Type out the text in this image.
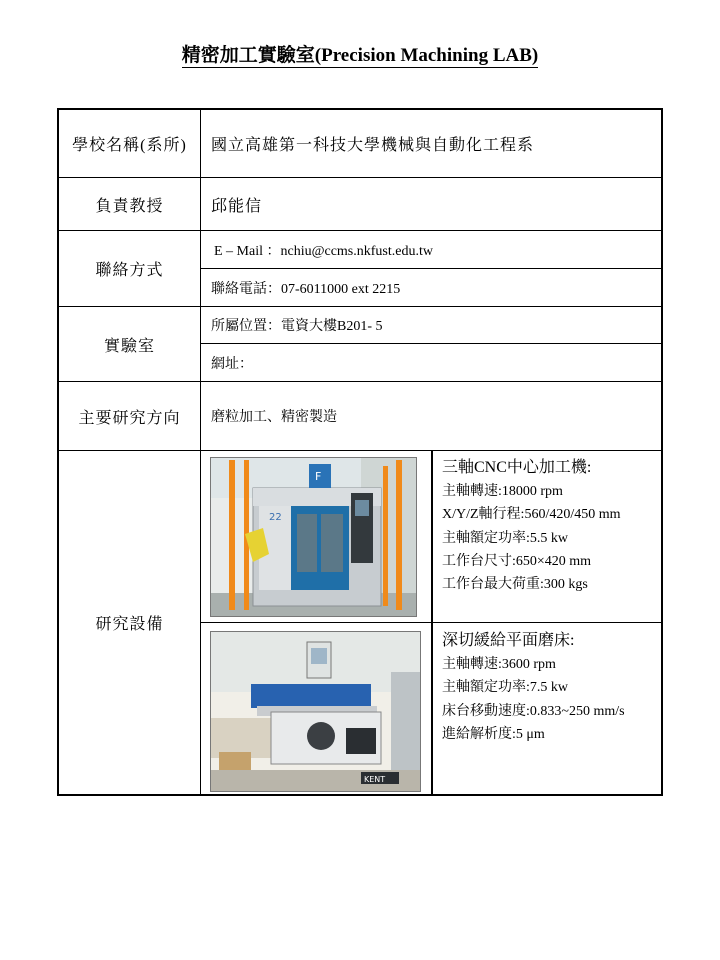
精密加工實驗室(Precision Machining LAB)
學校名稱(系所)
負責教授
聯絡方式
實驗室
主要研究方向
研究設備
國立高雄第一科技大學機械與自動化工程系
邱能信
E – Mail ：nchiu@ccms.nkfust.edu.tw
聯絡電話：07-6011000 ext 2215
所屬位置：電資大樓B201- 5
網址：
磨粒加工、精密製造
F
22
KENT
三軸CNC中心加工機:
主軸轉速:18000 rpm
X/Y/Z軸行程:560/420/450 mm
主軸額定功率:5.5 kw
工作台尺寸:650×420 mm
工作台最大荷重:300 kgs
深切緩給平面磨床:
主軸轉速:3600 rpm
主軸額定功率:7.5 kw
床台移動速度:0.833~250 mm/s
進給解析度:5 μm
